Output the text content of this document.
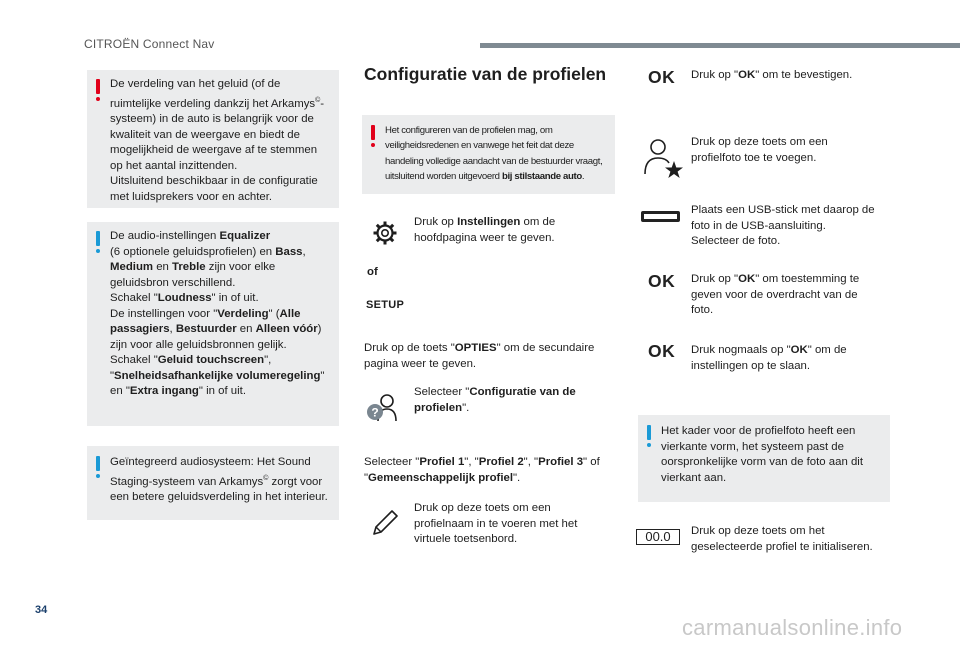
CITROËN Connect Nav
De verdeling van het geluid (of de
ruimtelijke verdeling dankzij het Arkamys©-
systeem) in de auto is belangrijk voor de
kwaliteit van de weergave en biedt de
mogelijkheid de weergave af te stemmen
op het aantal inzittenden.
Uitsluitend beschikbaar in de configuratie
met luidsprekers voor en achter.
De audio-instellingen Equalizer
(6 optionele geluidsprofielen) en Bass,
Medium en Treble zijn voor elke
geluidsbron verschillend.
Schakel "Loudness" in of uit.
De instellingen voor "Verdeling" (Alle
passagiers, Bestuurder en Alleen vóór)
zijn voor alle geluidsbronnen gelijk.
Schakel "Geluid touchscreen",
"Snelheidsafhankelijke volumeregeling"
en "Extra ingang" in of uit.
Geïntegreerd audiosysteem: Het Sound
Staging-systeem van Arkamys© zorgt voor
een betere geluidsverdeling in het interieur.
Configuratie van de profielen
Het configureren van de profielen mag, om
veiligheidsredenen en vanwege het feit dat deze
handeling volledige aandacht van de bestuurder vraagt,
uitsluitend worden uitgevoerd bij stilstaande auto.
Druk op Instellingen om de
hoofdpagina weer te geven.
of
SETUP
Druk op de toets "OPTIES" om de secundaire
pagina weer te geven.
?
Selecteer "Configuratie van de
profielen".
Selecteer "Profiel 1", "Profiel 2", "Profiel 3" of
"Gemeenschappelijk profiel".
Druk op deze toets om een
profielnaam in te voeren met het
virtuele toetsenbord.
OK Druk op "OK" om te bevestigen.
Druk op deze toets om een
profielfoto toe te voegen.
Plaats een USB-stick met daarop de
foto in de USB-aansluiting.
Selecteer de foto.
OK Druk op "OK" om toestemming te
geven voor de overdracht van de
foto.
OK Druk nogmaals op "OK" om de
instellingen op te slaan.
Het kader voor de profielfoto heeft een
vierkante vorm, het systeem past de
oorspronkelijke vorm van de foto aan dit
vierkant aan.
00.0	Druk op deze toets om het
geselecteerde profiel te initialiseren.
34
carmanualsonline.info
